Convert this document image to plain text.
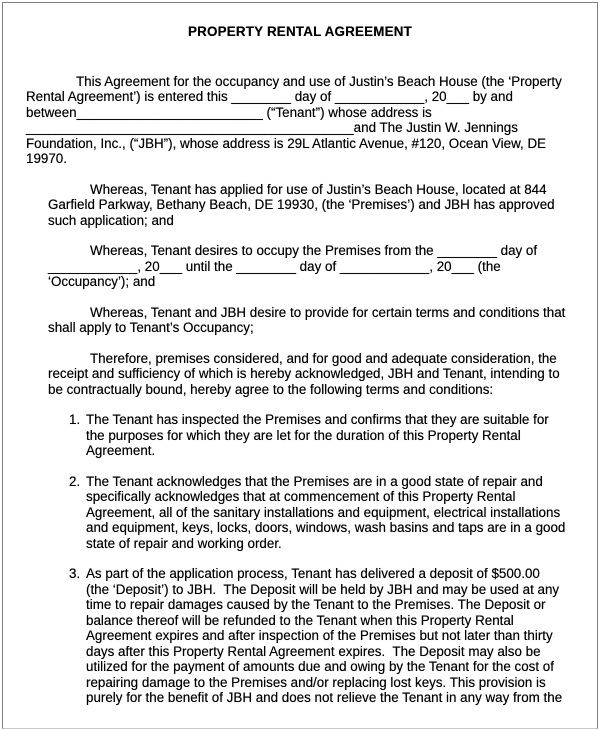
PROPERTY RENTAL AGREEMENT
This Agreement for the occupancy and use of Justin’s Beach House (the ‘Property
Rental Agreement’) is entered this ________ day of ____________, 20___ by and
between_________________________ (“Tenant”) whose address is
____________________________________________and The Justin W. Jennings
Foundation, Inc., (“JBH”), whose address is 29L Atlantic Avenue, #120, Ocean View, DE
19970.
Whereas, Tenant has applied for use of Justin’s Beach House, located at 844
Garfield Parkway, Bethany Beach, DE 19930, (the ‘Premises’) and JBH has approved
such application; and
Whereas, Tenant desires to occupy the Premises from the ________ day of
____________, 20___ until the ________ day of ____________, 20___ (the
‘Occupancy’); and
Whereas, Tenant and JBH desire to provide for certain terms and conditions that
shall apply to Tenant’s Occupancy;
Therefore, premises considered, and for good and adequate consideration, the
receipt and sufficiency of which is hereby acknowledged, JBH and Tenant, intending to
be contractually bound, hereby agree to the following terms and conditions:
1. The Tenant has inspected the Premises and confirms that they are suitable for
the purposes for which they are let for the duration of this Property Rental
Agreement.
2. The Tenant acknowledges that the Premises are in a good state of repair and
specifically acknowledges that at commencement of this Property Rental
Agreement, all of the sanitary installations and equipment, electrical installations
and equipment, keys, locks, doors, windows, wash basins and taps are in a good
state of repair and working order.
3. As part of the application process, Tenant has delivered a deposit of $500.00
(the ‘Deposit’) to JBH.  The Deposit will be held by JBH and may be used at any
time to repair damages caused by the Tenant to the Premises. The Deposit or
balance thereof will be refunded to the Tenant when this Property Rental
Agreement expires and after inspection of the Premises but not later than thirty
days after this Property Rental Agreement expires.  The Deposit may also be
utilized for the payment of amounts due and owing by the Tenant for the cost of
repairing damage to the Premises and/or replacing lost keys. This provision is
purely for the benefit of JBH and does not relieve the Tenant in any way from the
